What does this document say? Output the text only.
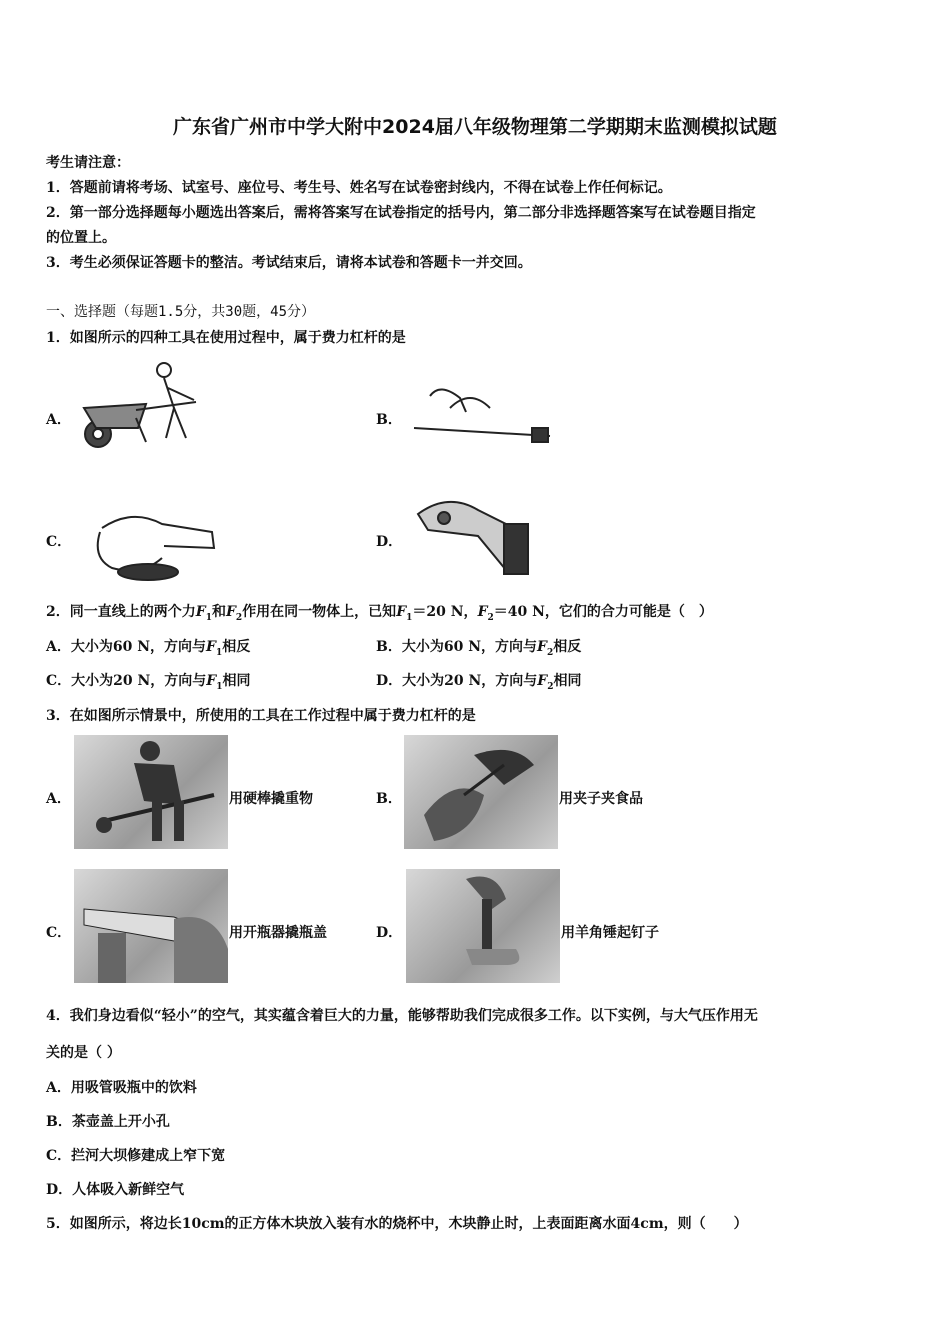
广东省广州市中学大附中2024届八年级物理第二学期期末监测模拟试题
考生请注意：
1．答题前请将考场、试室号、座位号、考生号、姓名写在试卷密封线内，不得在试卷上作任何标记。
2．第一部分选择题每小题选出答案后，需将答案写在试卷指定的括号内，第二部分非选择题答案写在试卷题目指定
的位置上。
3．考生必须保证答题卡的整洁。考试结束后，请将本试卷和答题卡一并交回。
一、选择题（每题1.5分，共30题，45分）
1．如图所示的四种工具在使用过程中，属于费力杠杆的是
A．	B．
C．	D．
2．同一直线上的两个力$F_1$和$F_2$作用在同一物体上，已知$F_1=20$ N，$F_2=40$ N，它们的合力可能是（　）
A．大小为60 N，方向与$F_1$相反	B．大小为60 N，方向与$F_2$相反
C．大小为20 N，方向与$F_1$相同	D．大小为20 N，方向与$F_2$相同
3．在如图所示情景中，所使用的工具在工作过程中属于费力杠杆的是
A．	用硬棒撬重物	B．	用夹子夹食品
C．	用开瓶器撬瓶盖	D．	用羊角锤起钉子
4．我们身边看似“轻小”的空气，其实蕴含着巨大的力量，能够帮助我们完成很多工作。以下实例，与大气压作用无
关的是（ ）
A．用吸管吸瓶中的饮料
B．茶壶盖上开小孔
C．拦河大坝修建成上窄下宽
D．人体吸入新鲜空气
5．如图所示，将边长10cm的正方体木块放入装有水的烧杯中，木块静止时，上表面距离水面4cm，则（　　）
